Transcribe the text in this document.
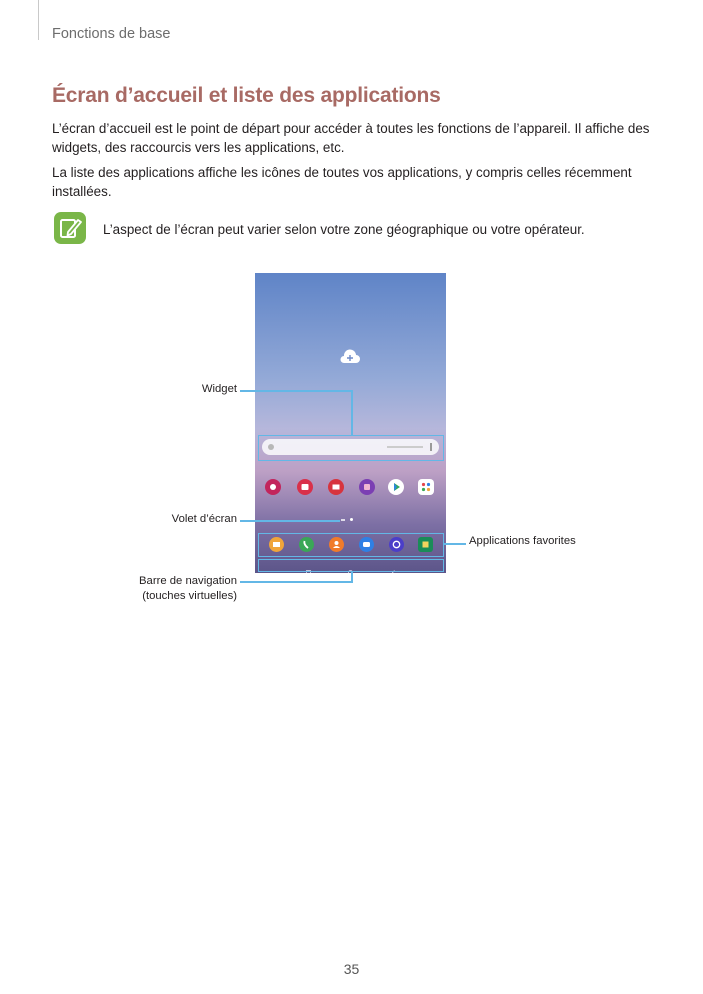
Fonctions de base
Écran d’accueil et liste des applications
L’écran d’accueil est le point de départ pour accéder à toutes les fonctions de l’appareil. Il affiche des widgets, des raccourcis vers les applications, etc.
La liste des applications affiche les icônes de toutes vos applications, y compris celles récemment installées.
L’aspect de l’écran peut varier selon votre zone géographique ou votre opérateur.
Widget
Volet d’écran
Applications favorites
Barre de navigation
(touches virtuelles)
35
